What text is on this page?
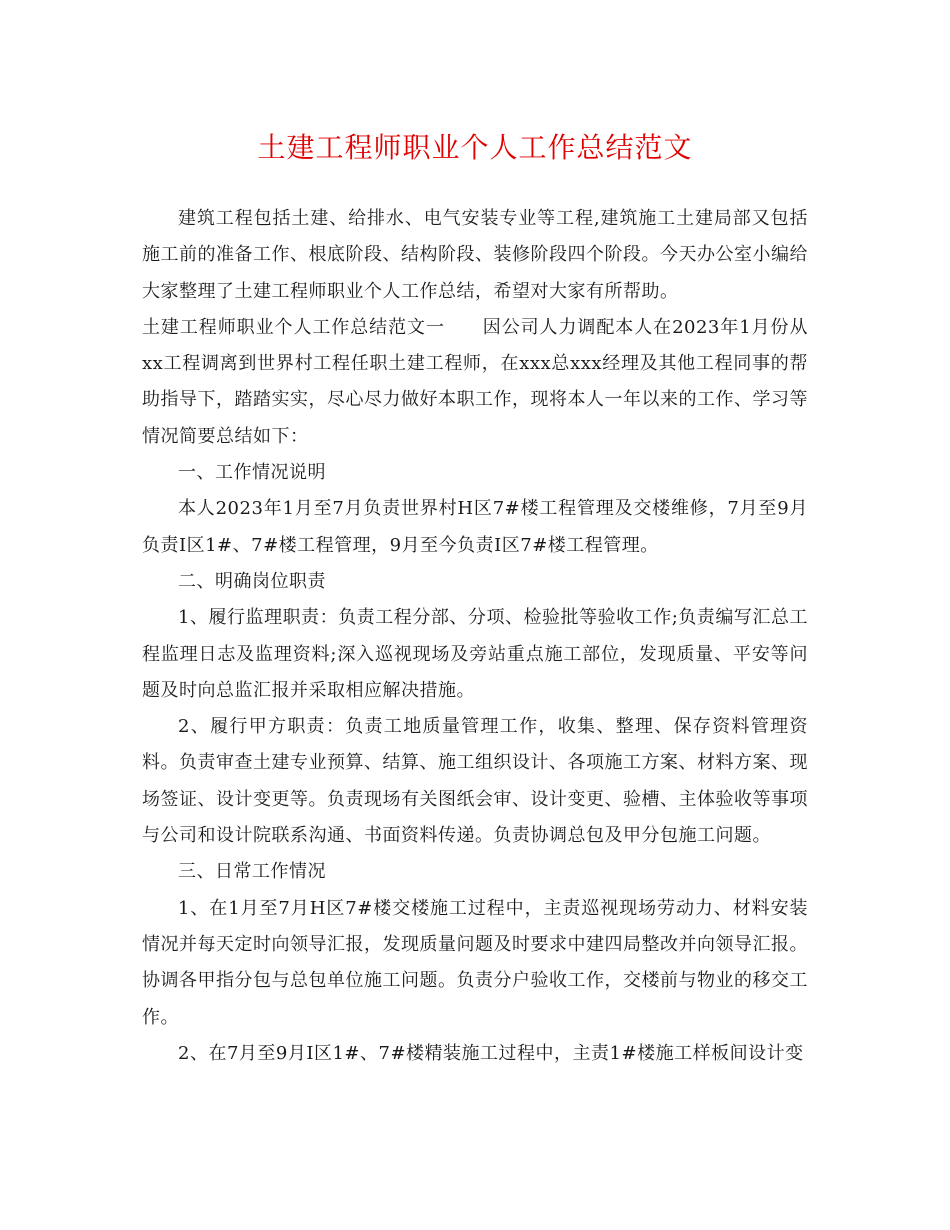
土建工程师职业个人工作总结范文

建筑工程包括土建、给排水、电气安装专业等工程,建筑施工土建局部又包括施工前的准备工作、根底阶段、结构阶段、装修阶段四个阶段。今天办公室小编给大家整理了土建工程师职业个人工作总结，希望对大家有所帮助。

土建工程师职业个人工作总结范文一　　因公司人力调配本人在2023年1月份从xx工程调离到世界村工程任职土建工程师，在xxx总xxx经理及其他工程同事的帮助指导下，踏踏实实，尽心尽力做好本职工作，现将本人一年以来的工作、学习等情况简要总结如下：

一、工作情况说明

本人2023年1月至7月负责世界村H区7#楼工程管理及交楼维修，7月至9月负责I区1#、7#楼工程管理，9月至今负责I区7#楼工程管理。

二、明确岗位职责

1、履行监理职责：负责工程分部、分项、检验批等验收工作;负责编写汇总工程监理日志及监理资料;深入巡视现场及旁站重点施工部位，发现质量、平安等问题及时向总监汇报并采取相应解决措施。

2、履行甲方职责：负责工地质量管理工作，收集、整理、保存资料管理资料。负责审查土建专业预算、结算、施工组织设计、各项施工方案、材料方案、现场签证、设计变更等。负责现场有关图纸会审、设计变更、验槽、主体验收等事项与公司和设计院联系沟通、书面资料传递。负责协调总包及甲分包施工问题。

三、日常工作情况

1、在1月至7月H区7#楼交楼施工过程中，主责巡视现场劳动力、材料安装情况并每天定时向领导汇报，发现质量问题及时要求中建四局整改并向领导汇报。协调各甲指分包与总包单位施工问题。负责分户验收工作，交楼前与物业的移交工作。

2、在7月至9月I区1#、7#楼精装施工过程中，主责1#楼施工样板间设计变
